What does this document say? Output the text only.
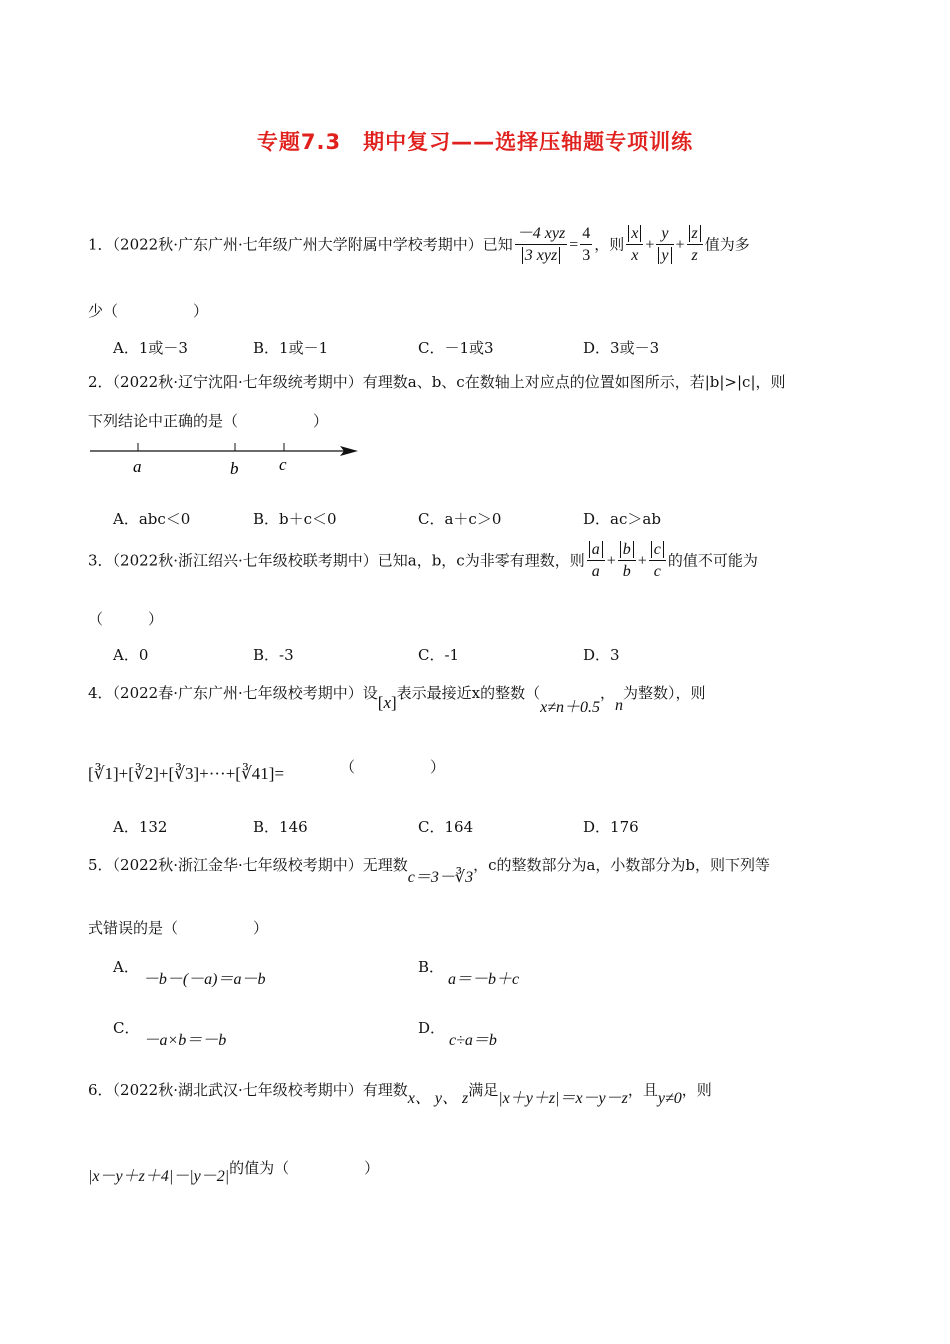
专题7.3　期中复习——选择压轴题专项训练
1．（2022秋·广东广州·七年级广州大学附属中学校考期中）已知 $\frac{\text{－4 xyz}}{\text{3 xyz}} = \frac{4}{3}$ ，则 $\frac{x}{x} + \frac{y}{y} + \frac{z}{z}$ 值为多
少（　　　　　）
A．1或－3	B．1或－1	C．－1或3	D．3或－3
2．（2022秋·辽宁沈阳·七年级统考期中）有理数a、b、c在数轴上对应点的位置如图所示，若|b|>|c|，则
下列结论中正确的是（　　　　　）
a	b c
A．abc＜0	B．b＋c＜0	C．a＋c＞0	D．ac＞ab
3．（2022秋·浙江绍兴·七年级校联考期中）已知a，b，c为非零有理数，则 $\frac{a}{a} + \frac{b}{b} + \frac{c}{c}$ 的值不可能为
（　　　）
A．0	B．-3	C．-1	D．3
4．（2022春·广东广州·七年级校考期中）设[x]表示最接近x的整数（x≠n＋0.5，n为整数），则
[∛1]+[∛2]+[∛3]+···+[∛41]=	（　　　　　）
A．132	B．146	C．164	D．176
5．（2022秋·浙江金华·七年级校考期中）无理数c＝3－∛3，c的整数部分为a，小数部分为b，则下列等
式错误的是（　　　　　）
A．－b－(－a)＝a－b
B．a＝－b＋c
C．－a×b＝－b
D．c÷a＝b
6．（2022秋·湖北武汉·七年级校考期中）有理数x、 y、 z满足|x＋y＋z|＝x－y－z，且y≠0，则
|x－y＋z＋4|－|y－2|的值为（　　　　　）
